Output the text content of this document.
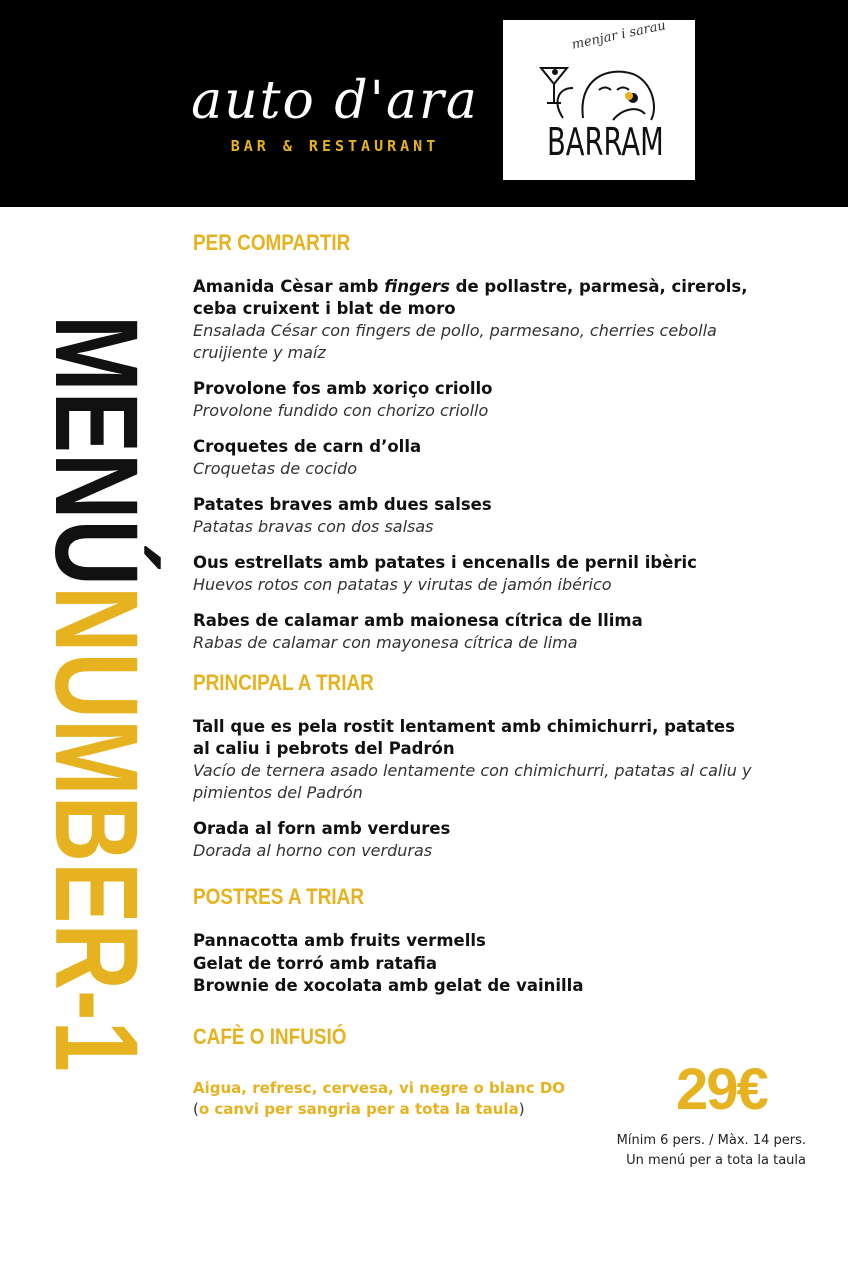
auto d'ara
BAR & RESTAURANT
menjar i sarau
BARRAM
MENÚNUMBER-1
PER COMPARTIR
Amanida Cèsar amb fingers de pollastre, parmesà, cirerols, ceba cruixent i blat de moro
Ensalada César con fingers de pollo, parmesano, cherries cebolla cruijiente y maíz
Provolone fos amb xoriço criollo
Provolone fundido con chorizo criollo
Croquetes de carn d’olla
Croquetas de cocido
Patates braves amb dues salses
Patatas bravas con dos salsas
Ous estrellats amb patates i encenalls de pernil ibèric
Huevos rotos con patatas y virutas de jamón ibérico
Rabes de calamar amb maionesa cítrica de llima
Rabas de calamar con mayonesa cítrica de lima
PRINCIPAL A TRIAR
Tall que es pela rostit lentament amb chimichurri, patates al caliu i pebrots del Padrón
Vacío de ternera asado lentamente con chimichurri, patatas al caliu y pimientos del Padrón
Orada al forn amb verdures
Dorada al horno con verduras
POSTRES A TRIAR
Pannacotta amb fruits vermells
Gelat de torró amb ratafia
Brownie de xocolata amb gelat de vainilla
CAFÈ O INFUSIÓ
Aigua, refresc, cervesa, vi negre o blanc DO
(o canvi per sangria per a tota la taula)	29€
Mínim 6 pers. / Màx. 14 pers.
Un menú per a tota la taula
